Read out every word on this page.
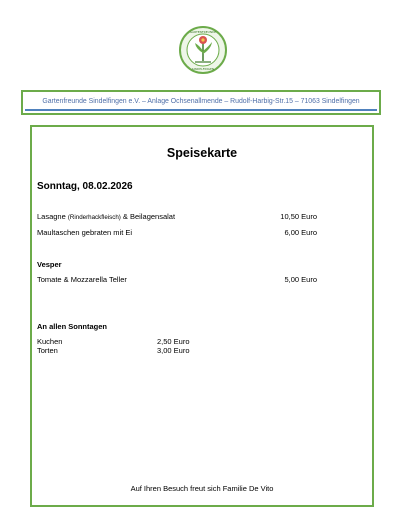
GARTENFREUNDE
SINDELFINGEN
Gartenfreunde Sindelfingen e.V. – Anlage Ochsenallmende – Rudolf-Harbig-Str.15 – 71063 Sindelfingen
Speisekarte
Sonntag, 08.02.2026
Lasagne (Rinderhackfleisch) & Beilagensalat	10,50 Euro
Maultaschen gebraten mit Ei	6,00 Euro
Vesper
Tomate & Mozzarella Teller	5,00 Euro
An allen Sonntagen
Kuchen	2,50 Euro
Torten	3,00 Euro
Auf Ihren Besuch freut sich Familie De Vito
